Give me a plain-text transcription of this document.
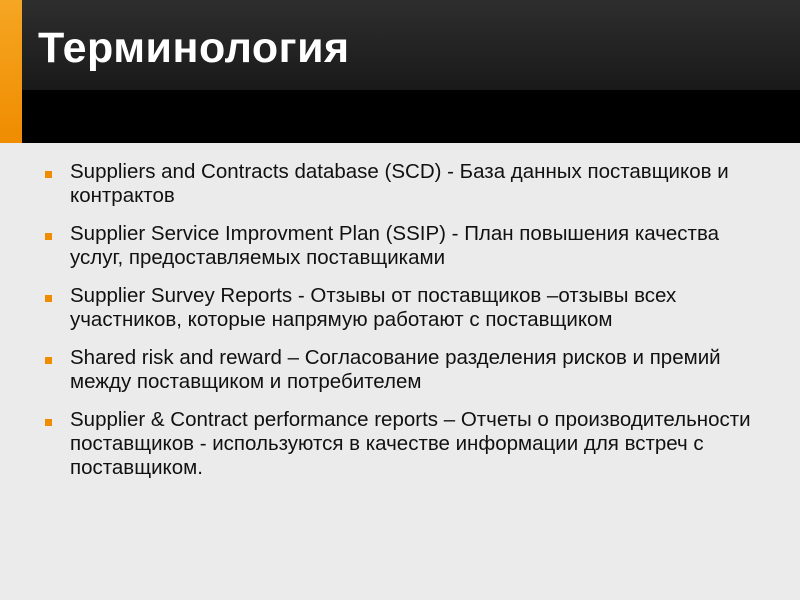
Терминология
Suppliers and Contracts database (SCD) - База данных поставщиков и контрактов
Supplier Service Improvment Plan (SSIP) - План повышения качества услуг, предоставляемых поставщиками
Supplier Survey Reports - Отзывы от поставщиков –отзывы всех участников, которые напрямую работают с поставщиком
Shared risk and reward – Согласование разделения рисков и премий между поставщиком и потребителем
Supplier & Contract performance reports – Отчеты о производительности поставщиков - используются в качестве информации для встреч с поставщиком.
